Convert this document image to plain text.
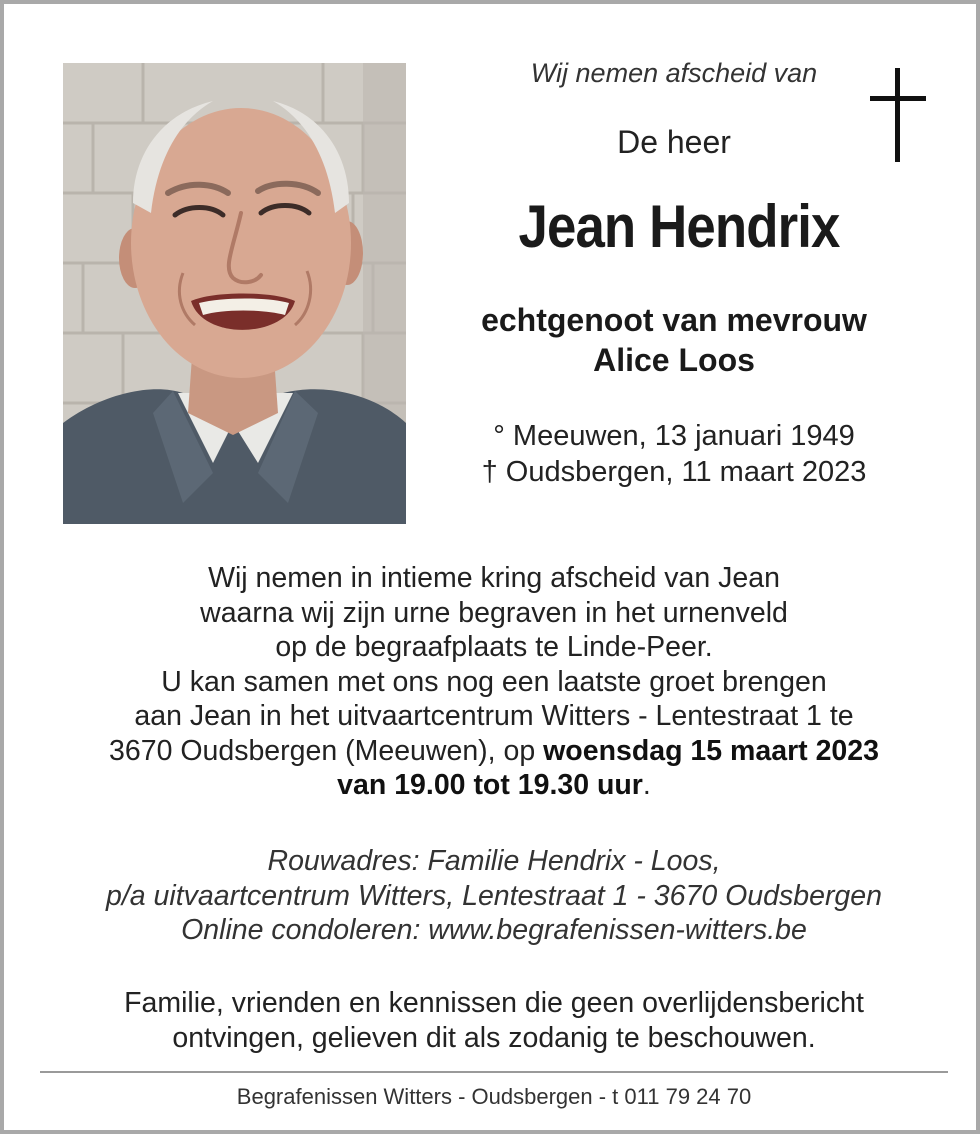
Wij nemen afscheid van
De heer
Jean Hendrix
echtgenoot van mevrouw
Alice Loos
° Meeuwen, 13 januari 1949
† Oudsbergen, 11 maart 2023
Wij nemen in intieme kring afscheid van Jean
waarna wij zijn urne begraven in het urnenveld
op de begraafplaats te Linde-Peer.
U kan samen met ons nog een laatste groet brengen
aan Jean in het uitvaartcentrum Witters - Lentestraat 1 te
3670 Oudsbergen (Meeuwen), op woensdag 15 maart 2023
van 19.00 tot 19.30 uur.
Rouwadres: Familie Hendrix - Loos,
p/a uitvaartcentrum Witters, Lentestraat 1 - 3670 Oudsbergen
Online condoleren: www.begrafenissen-witters.be
Familie, vrienden en kennissen die geen overlijdensbericht
ontvingen, gelieven dit als zodanig te beschouwen.
Begrafenissen Witters - Oudsbergen - t 011 79 24 70
